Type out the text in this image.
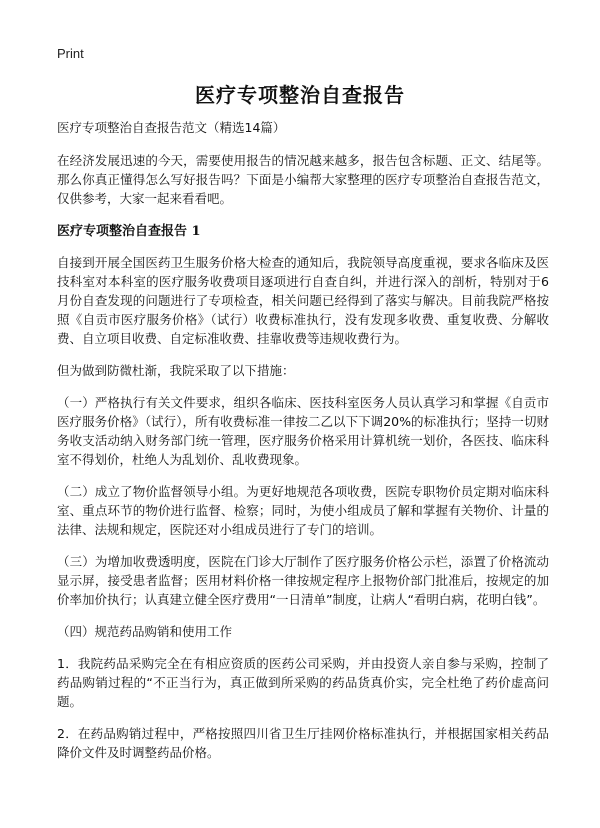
Print
医疗专项整治自查报告

医疗专项整治自查报告范文（精选14篇）

在经济发展迅速的今天，需要使用报告的情况越来越多，报告包含标题、正文、结尾等。那么你真正懂得怎么写好报告吗？下面是小编帮大家整理的医疗专项整治自查报告范文，仅供参考，大家一起来看看吧。

医疗专项整治自查报告 1

自接到开展全国医药卫生服务价格大检查的通知后，我院领导高度重视，要求各临床及医技科室对本科室的医疗服务收费项目逐项进行自查自纠，并进行深入的剖析，特别对于6月份自查发现的问题进行了专项检查，相关问题已经得到了落实与解决。目前我院严格按照《自贡市医疗服务价格》（试行）收费标准执行，没有发现多收费、重复收费、分解收费、自立项目收费、自定标准收费、挂靠收费等违规收费行为。

但为做到防微杜渐，我院采取了以下措施：

（一）严格执行有关文件要求，组织各临床、医技科室医务人员认真学习和掌握《自贡市医疗服务价格》（试行），所有收费标准一律按二乙以下下调20%的标准执行；坚持一切财务收支活动纳入财务部门统一管理，医疗服务价格采用计算机统一划价，各医技、临床科室不得划价，杜绝人为乱划价、乱收费现象。

（二）成立了物价监督领导小组。为更好地规范各项收费，医院专职物价员定期对临床科室、重点环节的物价进行监督、检察；同时，为使小组成员了解和掌握有关物价、计量的法律、法规和规定，医院还对小组成员进行了专门的培训。

（三）为增加收费透明度，医院在门诊大厅制作了医疗服务价格公示栏，添置了价格流动显示屏，接受患者监督；医用材料价格一律按规定程序上报物价部门批准后，按规定的加价率加价执行；认真建立健全医疗费用“一日清单”制度，让病人“看明白病，花明白钱”。

（四）规范药品购销和使用工作

1．我院药品采购完全在有相应资质的医药公司采购，并由投资人亲自参与采购，控制了药品购销过程的“不正当行为，真正做到所采购的药品货真价实，完全杜绝了药价虚高问题。

2．在药品购销过程中，严格按照四川省卫生厅挂网价格标准执行，并根据国家相关药品降价文件及时调整药品价格。
